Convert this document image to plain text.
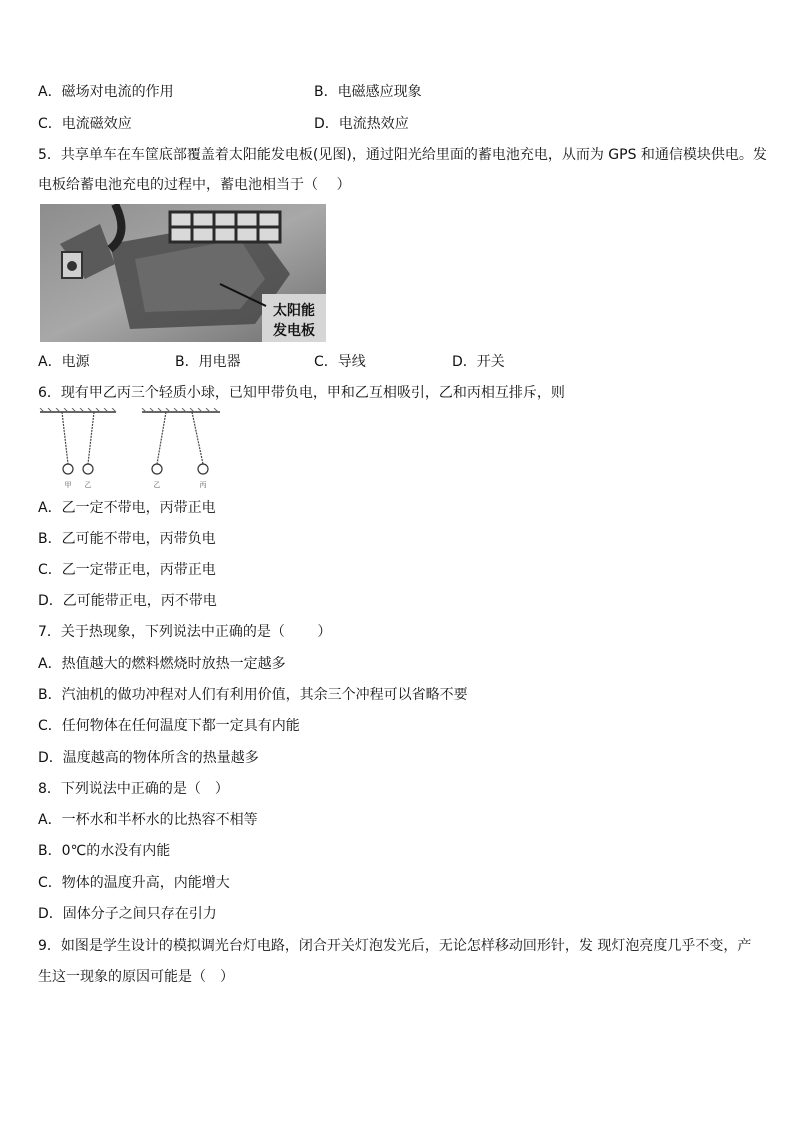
A．磁场对电流的作用	B．电磁感应现象
C．电流磁效应	D．电流热效应
5．共享单车在车筐底部覆盖着太阳能发电板(见图)，通过阳光给里面的蓄电池充电，从而为 GPS 和通信模块供电。发
电板给蓄电池充电的过程中，蓄电池相当于（　 ）
太阳能
发电板
A．电源	B．用电器	C．导线	D．开关
6．现有甲乙丙三个轻质小球，已知甲带负电，甲和乙互相吸引，乙和丙相互排斥，则
甲 乙	乙	丙
A．乙一定不带电，丙带正电
B．乙可能不带电，丙带负电
C．乙一定带正电，丙带正电
D．乙可能带正电，丙不带电
7．关于热现象，下列说法中正确的是（　 　）
A．热值越大的燃料燃烧时放热一定越多
B．汽油机的做功冲程对人们有利用价值，其余三个冲程可以省略不要
C．任何物体在任何温度下都一定具有内能
D．温度越高的物体所含的热量越多
8．下列说法中正确的是（　）
A．一杯水和半杯水的比热容不相等
B．0℃的水没有内能
C．物体的温度升高，内能增大
D．固体分子之间只存在引力
9．如图是学生设计的模拟调光台灯电路，闭合开关灯泡发光后，无论怎样移动回形针，发 现灯泡亮度几乎不变，产
生这一现象的原因可能是（　）
